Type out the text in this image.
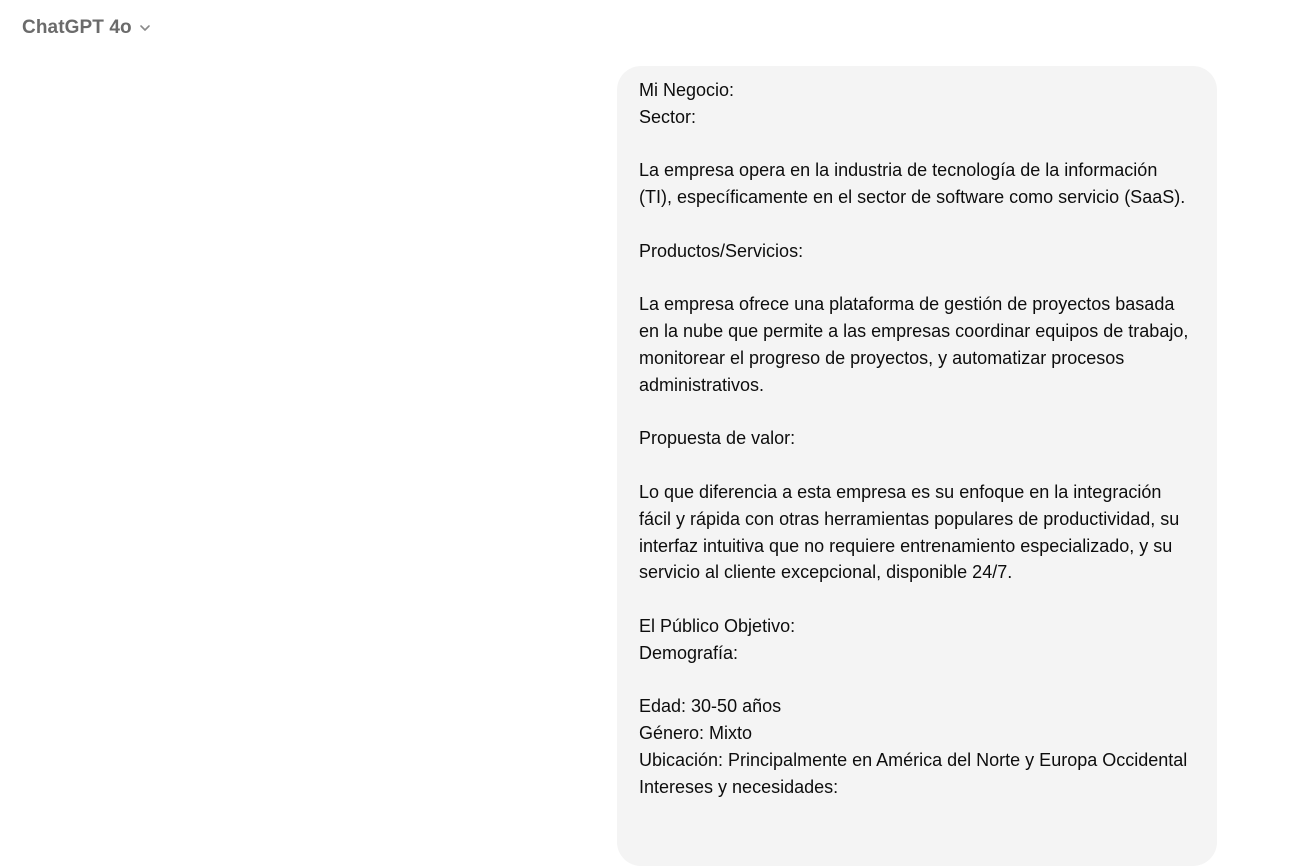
ChatGPT 4o

Mi Negocio:
Sector:

La empresa opera en la industria de tecnología de la información (TI), específicamente en el sector de software como servicio (SaaS).

Productos/Servicios:

La empresa ofrece una plataforma de gestión de proyectos basada en la nube que permite a las empresas coordinar equipos de trabajo, monitorear el progreso de proyectos, y automatizar procesos administrativos.

Propuesta de valor:

Lo que diferencia a esta empresa es su enfoque en la integración fácil y rápida con otras herramientas populares de productividad, su interfaz intuitiva que no requiere entrenamiento especializado, y su servicio al cliente excepcional, disponible 24/7.

El Público Objetivo:
Demografía:

Edad: 30-50 años
Género: Mixto
Ubicación: Principalmente en América del Norte y Europa Occidental
Intereses y necesidades:
